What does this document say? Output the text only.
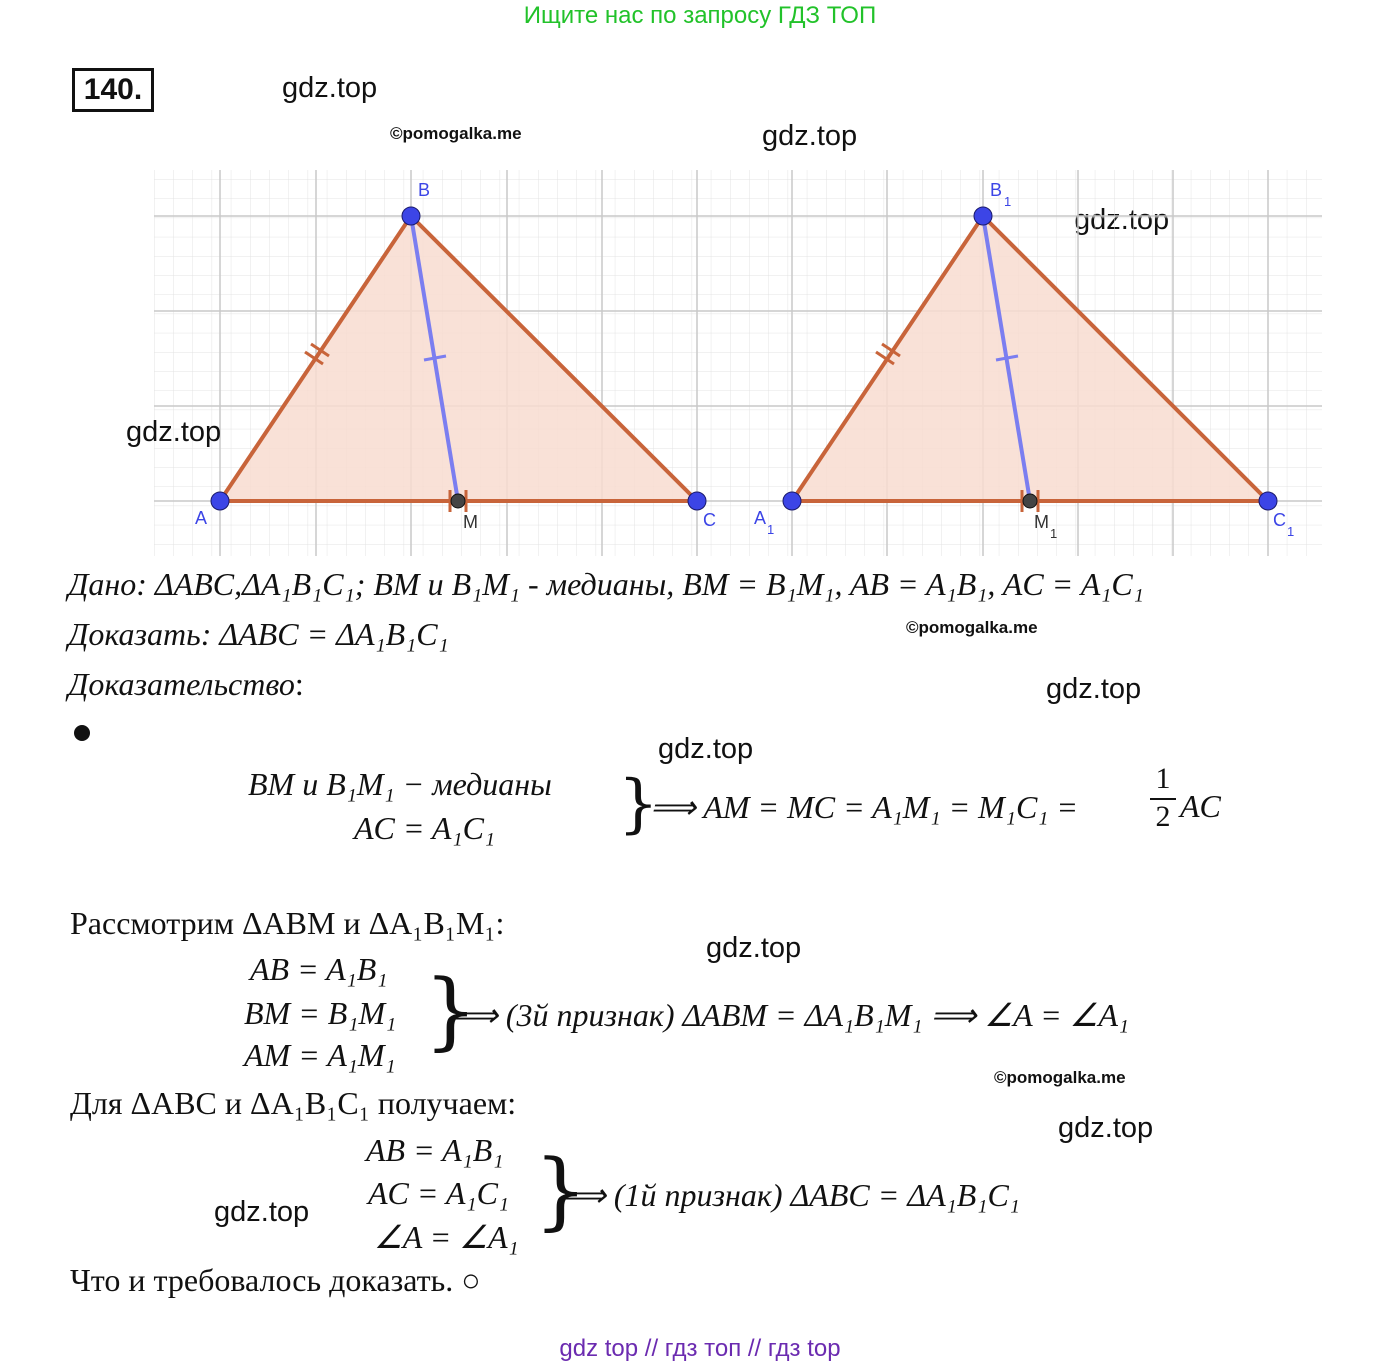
Ищите нас по запросу ГДЗ ТОП
140.	gdz.top
©pomogalka.me	gdz.top
A
B
C
M	A
1
B
1
C
1
M
1
gdz.top
Дано: ΔABC,ΔA₁B₁C₁; BM и B₁M₁ - медианы, BM = B₁M₁, AB = A₁B₁, AC = A₁C₁
Доказать: ΔABC = ΔA₁B₁C₁	©pomogalka.me
Доказательство:	gdz.top
gdz.top
BM и B₁M₁ − медианы
AC = A₁C₁ }
⟹ AM = MC = $A_1M_1 = M_1C_1 = \frac{1}{2}$ AC
Рассмотрим ΔABM и ΔA₁B₁M₁:
gdz.top
AB = A₁B₁
BM = B₁M₁
AM = A₁M₁ }
⟹ (3й признак) ΔABM = ΔA₁B₁M₁ ⟹ ∠A = ∠A₁
©pomogalka.me
Для ΔABC и ΔA₁B₁C₁ получаем:
gdz.top
AB = A₁B₁
AC = A₁C₁
∠A = ∠A₁ }
⟹ (1й признак) ΔABC = ΔA₁B₁C₁
gdz.top
Что и требовалось доказать. ○
gdz top // гдз топ // гдз top
